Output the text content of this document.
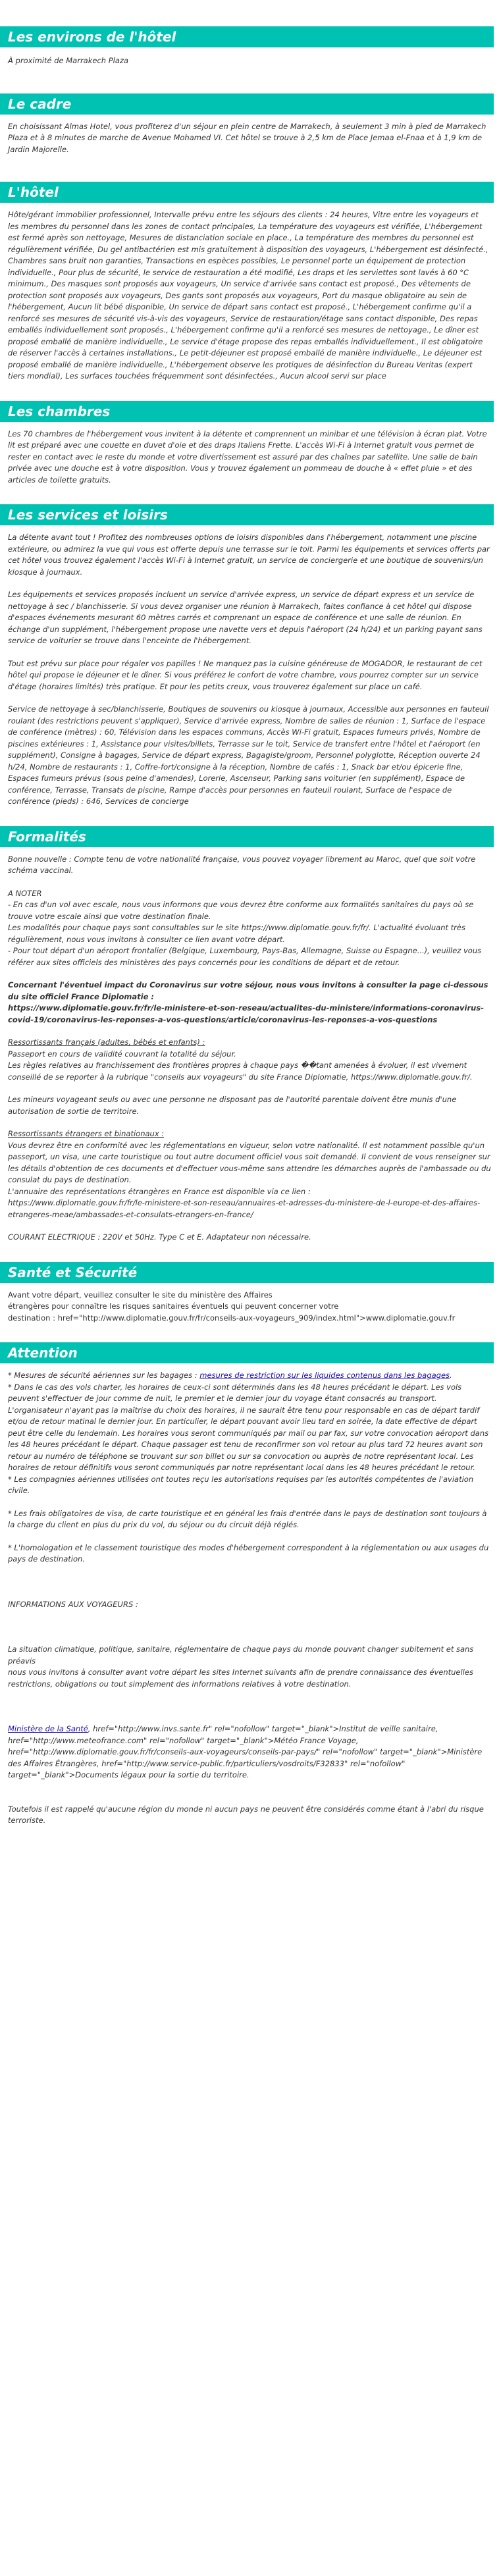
Les environs de l'hôtel

À proximité de Marrakech Plaza

Le cadre

En choisissant Almas Hotel, vous profiterez d'un séjour en plein centre de Marrakech, à seulement 3 min à pied de Marrakech Plaza et à 8 minutes de marche de Avenue Mohamed VI. Cet hôtel se trouve à 2,5 km de Place Jemaa el-Fnaa et à 1,9 km de Jardin Majorelle.

L'hôtel

Hôte/gérant immobilier professionnel, Intervalle prévu entre les séjours des clients : 24 heures, Vitre entre les voyageurs et les membres du personnel dans les zones de contact principales, La température des voyageurs est vérifiée, L'hébergement est fermé après son nettoyage, Mesures de distanciation sociale en place., La température des membres du personnel est régulièrement vérifiée, Du gel antibactérien est mis gratuitement à disposition des voyageurs, L'hébergement est désinfecté., Chambres sans bruit non garanties, Transactions en espèces possibles, Le personnel porte un équipement de protection individuelle., Pour plus de sécurité, le service de restauration a été modifié, Les draps et les serviettes sont lavés à 60 °C minimum., Des masques sont proposés aux voyageurs, Un service d'arrivée sans contact est proposé., Des vêtements de protection sont proposés aux voyageurs, Des gants sont proposés aux voyageurs, Port du masque obligatoire au sein de l'hébergement, Aucun lit bébé disponible, Un service de départ sans contact est proposé., L'hébergement confirme qu'il a renforcé ses mesures de sécurité vis-à-vis des voyageurs, Service de restauration/étage sans contact disponible, Des repas emballés individuellement sont proposés., L'hébergement confirme qu'il a renforcé ses mesures de nettoyage., Le dîner est proposé emballé de manière individuelle., Le service d'étage propose des repas emballés individuellement., Il est obligatoire de réserver l'accès à certaines installations., Le petit-déjeuner est proposé emballé de manière individuelle., Le déjeuner est proposé emballé de manière individuelle., L'hébergement observe les protiques de désinfection du Bureau Veritas (expert tiers mondial), Les surfaces touchées fréquemment sont désinfectées., Aucun alcool servi sur place

Les chambres

Les 70 chambres de l'hébergement vous invitent à la détente et comprennent un minibar et une télévision à écran plat. Votre lit est préparé avec une couette en duvet d'oie et des draps Italiens Frette. L'accès Wi-Fi à Internet gratuit vous permet de rester en contact avec le reste du monde et votre divertissement est assuré par des chaînes par satellite. Une salle de bain privée avec une douche est à votre disposition. Vous y trouvez également un pommeau de douche à « effet pluie » et des articles de toilette gratuits.

Les services et loisirs

La détente avant tout ! Profitez des nombreuses options de loisirs disponibles dans l'hébergement, notamment une piscine extérieure, ou admirez la vue qui vous est offerte depuis une terrasse sur le toit. Parmi les équipements et services offerts par cet hôtel vous trouvez également l'accès Wi-Fi à Internet gratuit, un service de conciergerie et une boutique de souvenirs/un kiosque à journaux.

Les équipements et services proposés incluent un service d'arrivée express, un service de départ express et un service de nettoyage à sec / blanchisserie. Si vous devez organiser une réunion à Marrakech, faites confiance à cet hôtel qui dispose d'espaces événements mesurant 60 mètres carrés et comprenant un espace de conférence et une salle de réunion. En échange d'un supplément, l'hébergement propose une navette vers et depuis l'aéroport (24 h/24) et un parking payant sans service de voiturier se trouve dans l'enceinte de l'hébergement.

Tout est prévu sur place pour régaler vos papilles ! Ne manquez pas la cuisine généreuse de MOGADOR, le restaurant de cet hôtel qui propose le déjeuner et le dîner. Si vous préférez le confort de votre chambre, vous pourrez compter sur un service d'étage (horaires limités) très pratique. Et pour les petits creux, vous trouverez également sur place un café.

Service de nettoyage à sec/blanchisserie, Boutiques de souvenirs ou kiosque à journaux, Accessible aux personnes en fauteuil roulant (des restrictions peuvent s'appliquer), Service d'arrivée express, Nombre de salles de réunion : 1, Surface de l'espace de conférence (mètres) : 60, Télévision dans les espaces communs, Accès Wi-Fi gratuit, Espaces fumeurs privés, Nombre de piscines extérieures : 1, Assistance pour visites/billets, Terrasse sur le toit, Service de transfert entre l'hôtel et l'aéroport (en supplément), Consigne à bagages, Service de départ express, Bagagiste/groom, Personnel polyglotte, Réception ouverte 24 h/24, Nombre de restaurants : 1, Coffre-fort/consigne à la réception, Nombre de cafés : 1, Snack bar et/ou épicerie fine, Espaces fumeurs prévus (sous peine d'amendes), Lorerie, Ascenseur, Parking sans voiturier (en supplément), Espace de conférence, Terrasse, Transats de piscine, Rampe d'accès pour personnes en fauteuil roulant, Surface de l'espace de conférence (pieds) : 646, Services de concierge

Formalités

Bonne nouvelle : Compte tenu de votre nationalité française, vous pouvez voyager librement au Maroc, quel que soit votre schéma vaccinal.

A NOTER

- En cas d'un vol avec escale, nous vous informons que vous devrez être conforme aux formalités sanitaires du pays où se trouve votre escale ainsi que votre destination finale.

Les modalités pour chaque pays sont consultables sur le site https://www.diplomatie.gouv.fr/fr/. L'actualité évoluant très régulièrement, nous vous invitons à consulter ce lien avant votre départ.

- Pour tout départ d'un aéroport frontalier (Belgique, Luxembourg, Pays-Bas, Allemagne, Suisse ou Espagne...), veuillez vous référer aux sites officiels des ministères des pays concernés pour les conditions de départ et de retour.

Concernant l'éventuel impact du Coronavirus sur votre séjour, nous vous invitons à consulter la page ci-dessous du site officiel France Diplomatie :

https://www.diplomatie.gouv.fr/fr/le-ministere-et-son-reseau/actualites-du-ministere/informations-coronavirus-covid-19/coronavirus-les-reponses-a-vos-questions/article/coronavirus-les-reponses-a-vos-questions

Ressortissants français (adultes, bébés et enfants) :

Passeport en cours de validité couvrant la totalité du séjour.

Les règles relatives au franchissement des frontières propres à chaque pays ��tant amenées à évoluer, il est vivement conseillé de se reporter à la rubrique "conseils aux voyageurs" du site France Diplomatie, https://www.diplomatie.gouv.fr/.

Les mineurs voyageant seuls ou avec une personne ne disposant pas de l'autorité parentale doivent être munis d'une autorisation de sortie de territoire.

Ressortissants étrangers et binationaux :

Vous devrez être en conformité avec les réglementations en vigueur, selon votre nationalité. Il est notamment possible qu'un passeport, un visa, une carte touristique ou tout autre document officiel vous soit demandé. Il convient de vous renseigner sur les détails d'obtention de ces documents et d'effectuer vous-même sans attendre les démarches auprès de l'ambassade ou du consulat du pays de destination.

L'annuaire des représentations étrangères en France est disponible via ce lien :

https://www.diplomatie.gouv.fr/fr/le-ministere-et-son-reseau/annuaires-et-adresses-du-ministere-de-l-europe-et-des-affaires-etrangeres-meae/ambassades-et-consulats-etrangers-en-france/

COURANT ELECTRIQUE : 220V et 50Hz. Type C et E. Adaptateur non nécessaire.

Santé et Sécurité

Avant votre départ, veuillez consulter le site du ministère des Affaires

étrangères pour connaître les risques sanitaires éventuels qui peuvent concerner votre

destination : href="http://www.diplomatie.gouv.fr/fr/conseils-aux-voyageurs_909/index.html">www.diplomatie.gouv.fr

Attention

* Mesures de sécurité aériennes sur les bagages : mesures de restriction sur les liquides contenus dans les bagages.

* Dans le cas des vols charter, les horaires de ceux-ci sont déterminés dans les 48 heures précédant le départ. Les vols peuvent s'effectuer de jour comme de nuit, le premier et le dernier jour du voyage étant consacrés au transport. L'organisateur n'ayant pas la maîtrise du choix des horaires, il ne saurait être tenu pour responsable en cas de départ tardif et/ou de retour matinal le dernier jour. En particulier, le départ pouvant avoir lieu tard en soirée, la date effective de départ peut être celle du lendemain. Les horaires vous seront communiqués par mail ou par fax, sur votre convocation aéroport dans les 48 heures précédant le départ. Chaque passager est tenu de reconfirmer son vol retour au plus tard 72 heures avant son retour au numéro de téléphone se trouvant sur son billet ou sur sa convocation ou auprès de notre représentant local. Les horaires de retour définitifs vous seront communiqués par notre représentant local dans les 48 heures précédant le retour.

* Les compagnies aériennes utilisées ont toutes reçu les autorisations requises par les autorités compétentes de l'aviation civile.

* Les frais obligatoires de visa, de carte touristique et en général les frais d'entrée dans le pays de destination sont toujours à la charge du client en plus du prix du vol, du séjour ou du circuit déjà réglés.

* L'homologation et le classement touristique des modes d'hébergement correspondent à la réglementation ou aux usages du pays de destination.

INFORMATIONS AUX VOYAGEURS :

La situation climatique, politique, sanitaire, réglementaire de chaque pays du monde pouvant changer subitement et sans préavis

nous vous invitons à consulter avant votre départ les sites Internet suivants afin de prendre connaissance des éventuelles restrictions, obligations ou tout simplement des informations relatives à votre destination.

Ministère de la Santé, href="http://www.invs.sante.fr" rel="nofollow" target="_blank">Institut de veille sanitaire, href="http://www.meteofrance.com" rel="nofollow" target="_blank">Météo France Voyage, href="http://www.diplomatie.gouv.fr/fr/conseils-aux-voyageurs/conseils-par-pays/" rel="nofollow" target="_blank">Ministère des Affaires Étrangères, href="http://www.service-public.fr/particuliers/vosdroits/F32833" rel="nofollow" target="_blank">Documents légaux pour la sortie du territoire.

Toutefois il est rappelé qu'aucune région du monde ni aucun pays ne peuvent être considérés comme étant à l'abri du risque terroriste.
